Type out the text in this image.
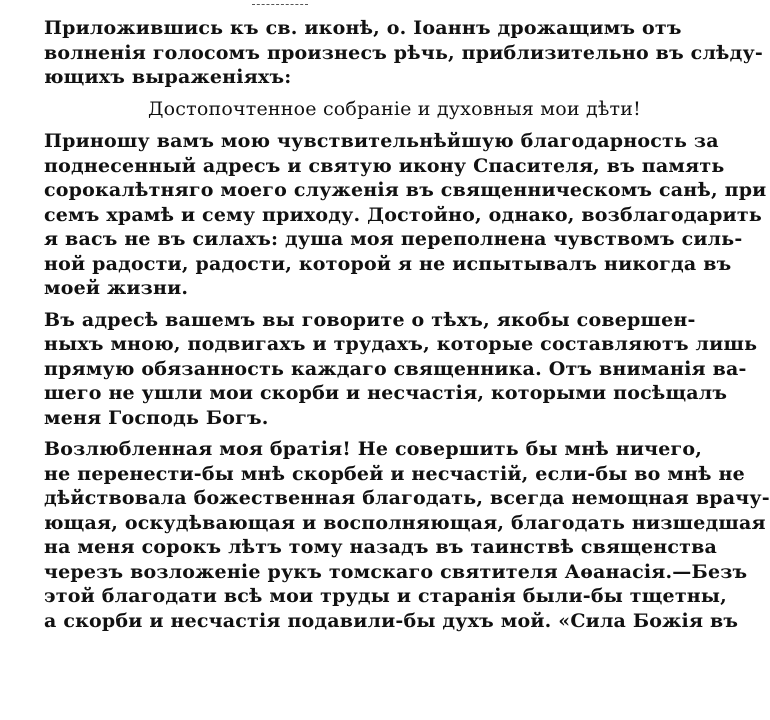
Приложившись къ св. иконѣ, о. Іоаннъ дрожащимъ отъ
волненія голосомъ произнесъ рѣчь, приблизительно въ слѣду-
ющихъ выраженіяхъ:
Достопочтенное собраніе и духовныя мои дѣти!
Приношу вамъ мою чувствительнѣйшую благодарность за
поднесенный адресъ и святую икону Спасителя, въ память
сорокалѣтняго моего служенія въ священническомъ санѣ, при
семъ храмѣ и сему приходу. Достойно, однако, возблагодарить
я васъ не въ силахъ: душа моя переполнена чувствомъ силь-
ной радости, радости, которой я не испытывалъ никогда въ
моей жизни.
Въ адресѣ вашемъ вы говорите о тѣхъ, якобы совершен-
ныхъ мною, подвигахъ и трудахъ, которые составляютъ лишь
прямую обязанность каждаго священника. Отъ вниманія ва-
шего не ушли мои скорби и несчастія, которыми посѣщалъ
меня Господь Богъ.
Возлюбленная моя братія! Не совершить бы мнѣ ничего,
не перенести-бы мнѣ скорбей и несчастій, если-бы во мнѣ не
дѣйствовала божественная благодать, всегда немощная врачу-
ющая, оскудѣвающая и восполняющая, благодать низшедшая
на меня сорокъ лѣтъ тому назадъ въ таинствѣ священства
черезъ возложеніе рукъ томскаго святителя Аѳанасія.—Безъ
этой благодати всѣ мои труды и старанія были-бы тщетны,
а скорби и несчастія подавили-бы духъ мой. «Сила Божія въ
